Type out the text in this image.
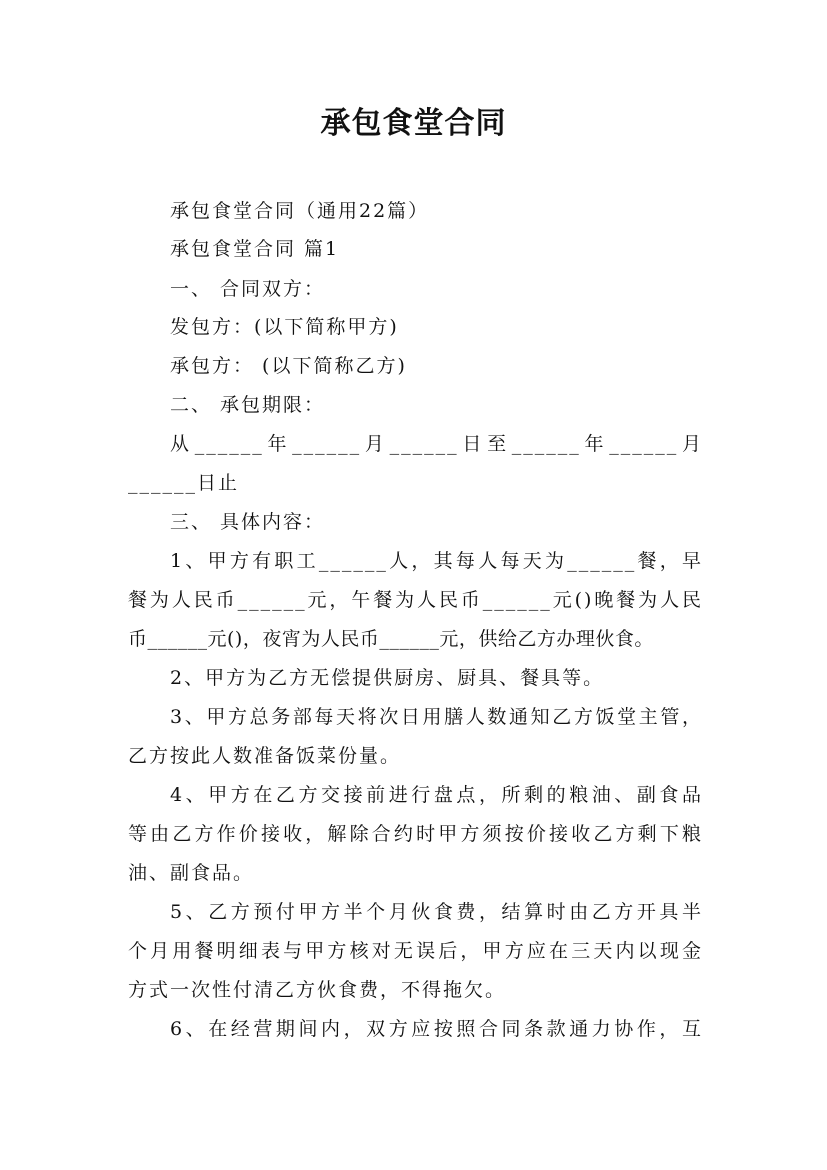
承包食堂合同
承包食堂合同（通用22篇）
承包食堂合同 篇1
一、 合同双方：
发包方：(以下简称甲方)
承包方： (以下简称乙方)
二、 承包期限：
从______年______月______日至______年______月
______日止
三、 具体内容：
1、甲方有职工______人，其每人每天为______餐，早
餐为人民币______元，午餐为人民币______元()晚餐为人民
币______元()，夜宵为人民币______元，供给乙方办理伙食。
2、甲方为乙方无偿提供厨房、厨具、餐具等。
3、甲方总务部每天将次日用膳人数通知乙方饭堂主管，
乙方按此人数准备饭菜份量。
4、甲方在乙方交接前进行盘点，所剩的粮油、副食品
等由乙方作价接收，解除合约时甲方须按价接收乙方剩下粮
油、副食品。
5、乙方预付甲方半个月伙食费，结算时由乙方开具半
个月用餐明细表与甲方核对无误后，甲方应在三天内以现金
方式一次性付清乙方伙食费，不得拖欠。
6、在经营期间内，双方应按照合同条款通力协作，互
